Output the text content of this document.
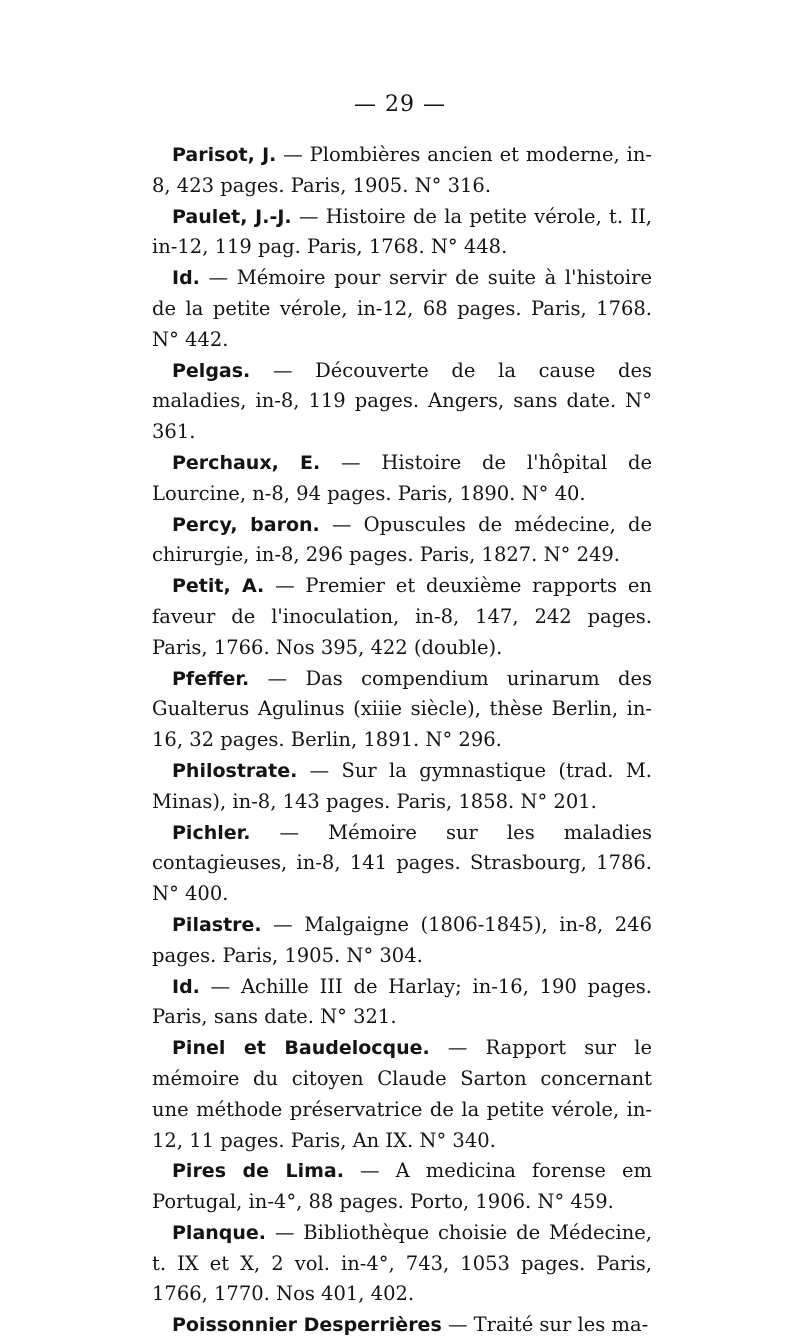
— 29 —

Parisot, J. — Plombières ancien et moderne, in-8, 423 pages. Paris, 1905. N° 316.

Paulet, J.-J. — Histoire de la petite vérole, t. II, in-12, 119 pag. Paris, 1768. N° 448.

Id. — Mémoire pour servir de suite à l'histoire de la petite vérole, in-12, 68 pages. Paris, 1768. N° 442.

Pelgas. — Découverte de la cause des maladies, in-8, 119 pages. Angers, sans date. N° 361.

Perchaux, E. — Histoire de l'hôpital de Lourcine, n-8, 94 pages. Paris, 1890. N° 40.

Percy, baron. — Opuscules de médecine, de chirurgie, in-8, 296 pages. Paris, 1827. N° 249.

Petit, A. — Premier et deuxième rapports en faveur de l'inoculation, in-8, 147, 242 pages. Paris, 1766. Nos 395, 422 (double).

Pfeffer. — Das compendium urinarum des Gualterus Agulinus (xiiie siècle), thèse Berlin, in-16, 32 pages. Berlin, 1891. N° 296.

Philostrate. — Sur la gymnastique (trad. M. Minas), in-8, 143 pages. Paris, 1858. N° 201.

Pichler. — Mémoire sur les maladies contagieuses, in-8, 141 pages. Strasbourg, 1786. N° 400.

Pilastre. — Malgaigne (1806-1845), in-8, 246 pages. Paris, 1905. N° 304.

Id. — Achille III de Harlay; in-16, 190 pages. Paris, sans date. N° 321.

Pinel et Baudelocque. — Rapport sur le mémoire du citoyen Claude Sarton concernant une méthode préservatrice de la petite vérole, in-12, 11 pages. Paris, An IX. N° 340.

Pires de Lima. — A medicina forense em Portugal, in-4°, 88 pages. Porto, 1906. N° 459.

Planque. — Bibliothèque choisie de Médecine, t. IX et X, 2 vol. in-4°, 743, 1053 pages. Paris, 1766, 1770. Nos 401, 402.

Poissonnier Desperrières — Traité sur les ma-
